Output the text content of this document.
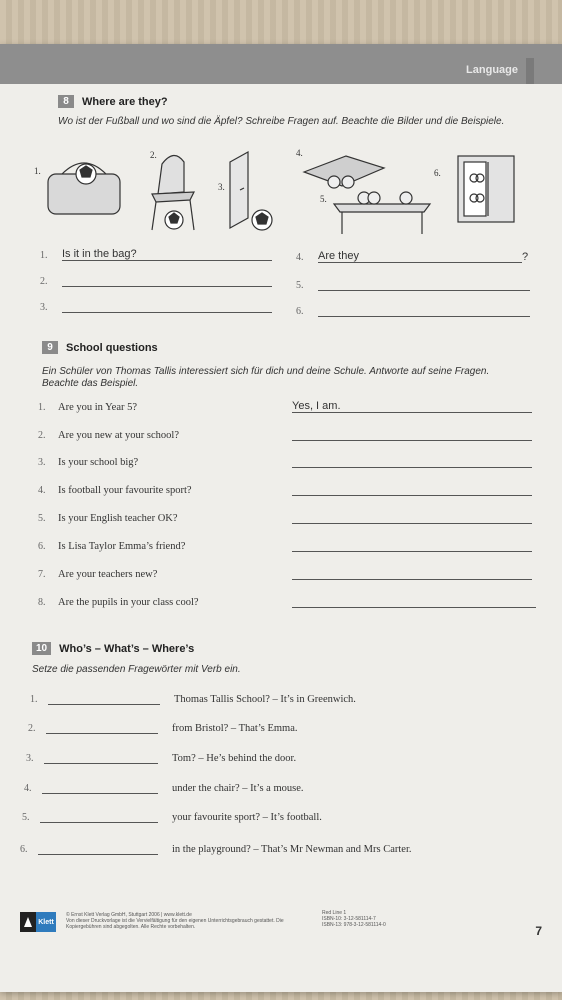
Language
8	Where are they?
Wo ist der Fußball und wo sind die Äpfel? Schreibe Fragen auf. Beachte die Bilder und die Beispiele.
1.
2.
3.
4.
5.
6.
1.	Is it in the bag?	4.	Are they	?
2.	5.
3.	6.
9	School questions
Ein Schüler von Thomas Tallis interessiert sich für dich und deine Schule. Antworte auf seine Fragen. Beachte das Beispiel.
1.	Are you in Year 5?	Yes, I am.
2.	Are you new at your school?
3.	Is your school big?
4.	Is football your favourite sport?
5.	Is your English teacher OK?
6.	Is Lisa Taylor Emma’s friend?
7.	Are your teachers new?
8.	Are the pupils in your class cool?
10	Who’s – What’s – Where’s
Setze die passenden Fragewörter mit Verb ein.
1.	Thomas Tallis School? – It’s in Greenwich.
2.	from Bristol? – That’s Emma.
3.	Tom? – He’s behind the door.
4.	under the chair? – It’s a mouse.
5.	your favourite sport? – It’s football.
6.	in the playground? – That’s Mr Newman and Mrs Carter.
Klett
© Ernst Klett Verlag GmbH, Stuttgart 2006 | www.klett.de
Von dieser Druckvorlage ist die Vervielfältigung für den eigenen Unterrichtsgebrauch gestattet. Die Kopiergebühren sind abgegolten. Alle Rechte vorbehalten.
Red Line 1
ISBN-10: 3-12-581114-7
ISBN-13: 978-3-12-581114-0	7
